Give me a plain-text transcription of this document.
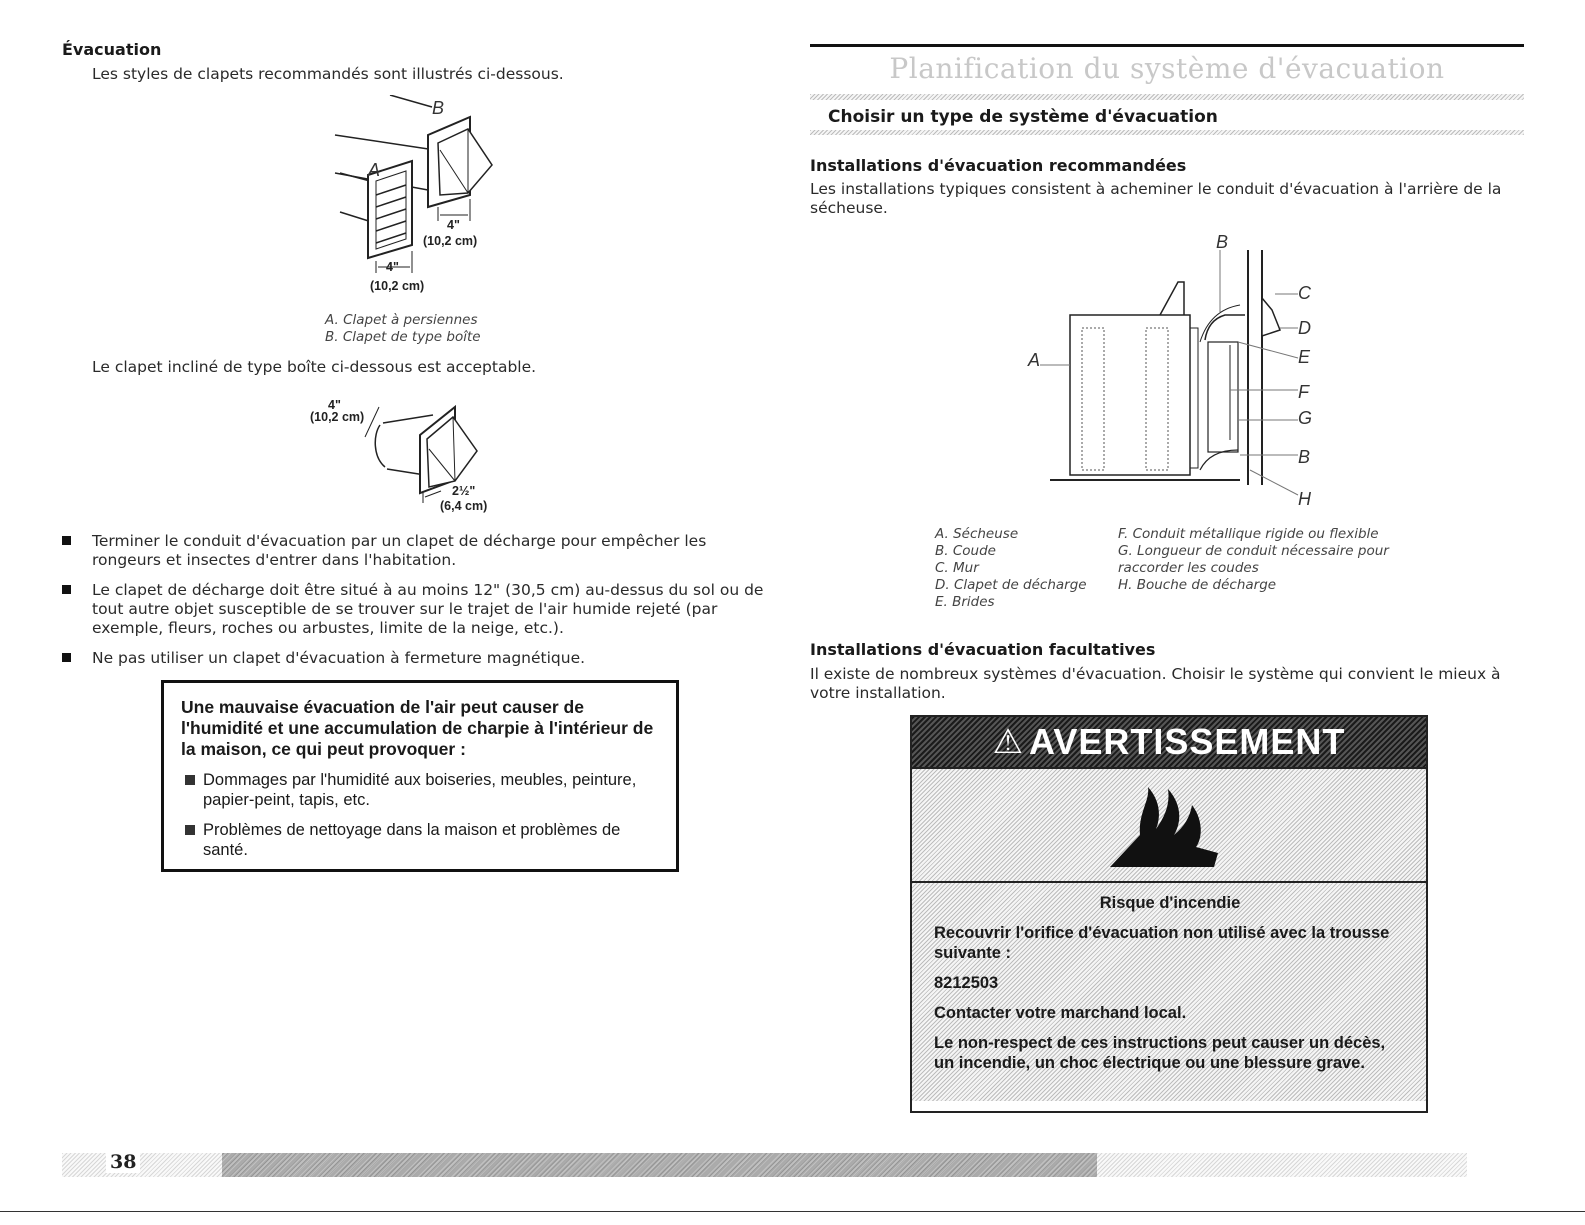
Évacuation
Les styles de clapets recommandés sont illustrés ci-dessous.
B
A
4"
(10,2 cm)
4"
(10,2 cm)
A. Clapet à persiennes
B. Clapet de type boîte
Le clapet incliné de type boîte ci-dessous est acceptable.
4"
(10,2 cm)
2½"
(6,4 cm)
Terminer le conduit d'évacuation par un clapet de décharge pour empêcher les rongeurs et insectes d'entrer dans l'habitation.
Le clapet de décharge doit être situé à au moins 12" (30,5 cm) au-dessus du sol ou de tout autre objet susceptible de se trouver sur le trajet de l'air humide rejeté (par exemple, fleurs, roches ou arbustes, limite de la neige, etc.).
Ne pas utiliser un clapet d'évacuation à fermeture magnétique.
Une mauvaise évacuation de l'air peut causer de l'humidité et une accumulation de charpie à l'intérieur de la maison, ce qui peut provoquer :
Dommages par l'humidité aux boiseries, meubles, peinture, papier-peint, tapis, etc.
Problèmes de nettoyage dans la maison et problèmes de santé.
38
Planification du système d'évacuation
Choisir un type de système d'évacuation
Installations d'évacuation recommandées
Les installations typiques consistent à acheminer le conduit d'évacuation à l'arrière de la sécheuse.
B
C
D
E
A
F
G
B
H
A. Sécheuse
B. Coude
C. Mur
D. Clapet de décharge
E. Brides
F. Conduit métallique rigide ou flexible
G. Longueur de conduit nécessaire pour raccorder les coudes
H. Bouche de décharge
Installations d'évacuation facultatives
Il existe de nombreux systèmes d'évacuation. Choisir le système qui convient le mieux à votre installation.
⚠ AVERTISSEMENT
Risque d'incendie
Recouvrir l'orifice d'évacuation non utilisé avec la trousse suivante :
8212503
Contacter votre marchand local.
Le non-respect de ces instructions peut causer un décès, un incendie, un choc électrique ou une blessure grave.
